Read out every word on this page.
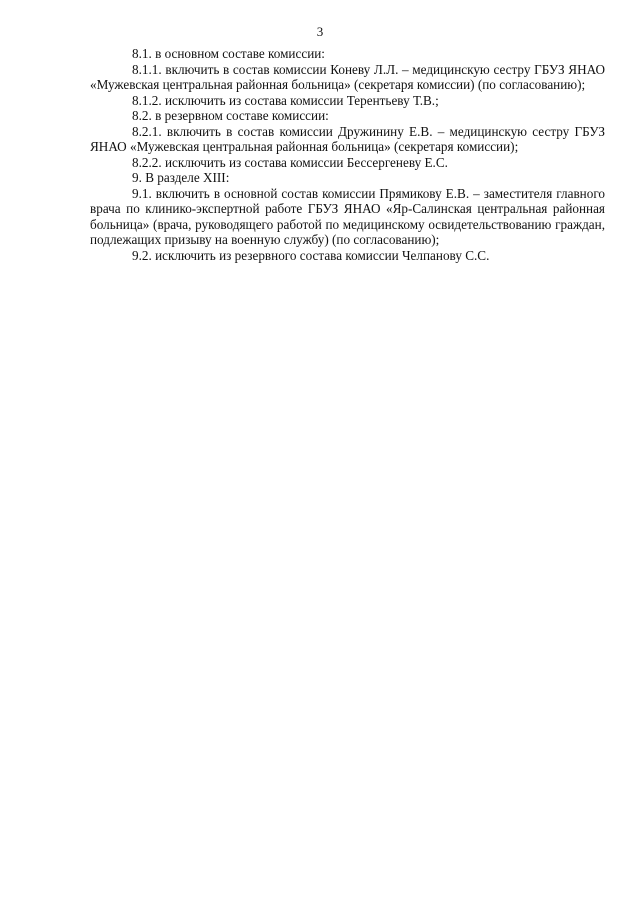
3

8.1. в основном составе комиссии:

8.1.1. включить в состав комиссии Коневу Л.Л. – медицинскую сестру ГБУЗ ЯНАО «Мужевская центральная районная больница» (секретаря комиссии) (по согласованию);

8.1.2. исключить из состава комиссии Терентьеву Т.В.;

8.2. в резервном составе комиссии:

8.2.1. включить в состав комиссии Дружинину Е.В. – медицинскую сестру ГБУЗ ЯНАО «Мужевская центральная районная больница» (секретаря комиссии);

8.2.2. исключить из состава комиссии Бессергеневу Е.С.

9. В разделе XIII:

9.1. включить в основной состав комиссии Прямикову Е.В. – заместителя главного врача по клинико-экспертной работе ГБУЗ ЯНАО «Яр-Салинская центральная районная больница» (врача, руководящего работой по медицинскому освидетельствованию граждан, подлежащих призыву на военную службу) (по согласованию);

9.2. исключить из резервного состава комиссии Челпанову С.С.
